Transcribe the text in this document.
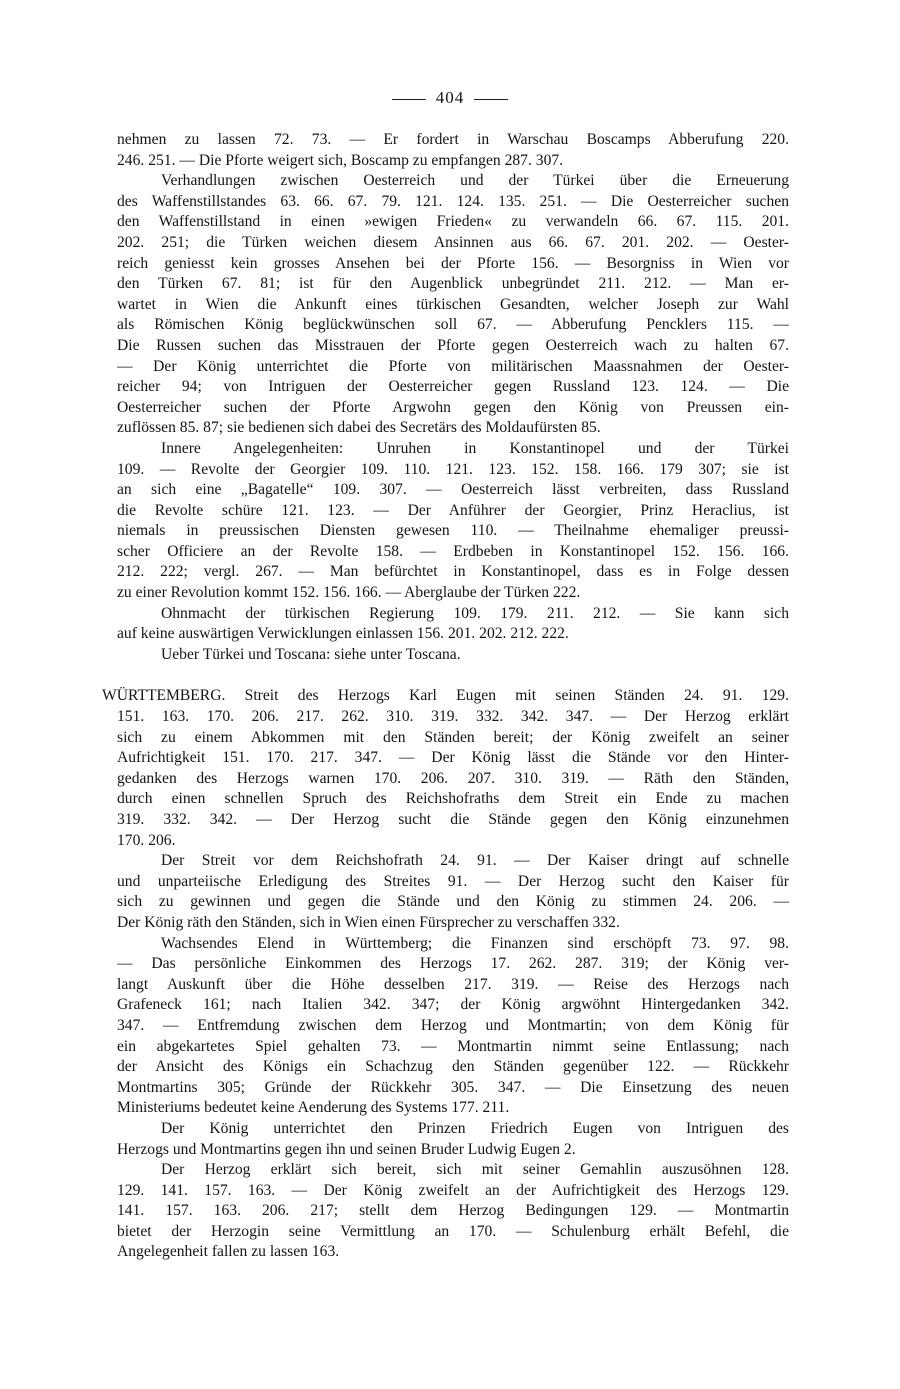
404
nehmen zu lassen 72. 73. — Er fordert in Warschau Boscamps Abberufung 220.
246. 251. — Die Pforte weigert sich, Boscamp zu empfangen 287. 307.
Verhandlungen zwischen Oesterreich und der Türkei über die Erneuerung
des Waffenstillstandes 63. 66. 67. 79. 121. 124. 135. 251. — Die Oesterreicher suchen
den Waffenstillstand in einen »ewigen Frieden« zu verwandeln 66. 67. 115. 201.
202. 251; die Türken weichen diesem Ansinnen aus 66. 67. 201. 202. — Oester-
reich geniesst kein grosses Ansehen bei der Pforte 156. — Besorgniss in Wien vor
den Türken 67. 81; ist für den Augenblick unbegründet 211. 212. — Man er-
wartet in Wien die Ankunft eines türkischen Gesandten, welcher Joseph zur Wahl
als Römischen König beglückwünschen soll 67. — Abberufung Pencklers 115. —
Die Russen suchen das Misstrauen der Pforte gegen Oesterreich wach zu halten 67.
— Der König unterrichtet die Pforte von militärischen Maassnahmen der Oester-
reicher 94; von Intriguen der Oesterreicher gegen Russland 123. 124. — Die
Oesterreicher suchen der Pforte Argwohn gegen den König von Preussen ein-
zuflössen 85. 87; sie bedienen sich dabei des Secretärs des Moldaufürsten 85.
Innere Angelegenheiten: Unruhen in Konstantinopel und der Türkei
109. — Revolte der Georgier 109. 110. 121. 123. 152. 158. 166. 179 307; sie ist
an sich eine „Bagatelle“ 109. 307. — Oesterreich lässt verbreiten, dass Russland
die Revolte schüre 121. 123. — Der Anführer der Georgier, Prinz Heraclius, ist
niemals in preussischen Diensten gewesen 110. — Theilnahme ehemaliger preussi-
scher Officiere an der Revolte 158. — Erdbeben in Konstantinopel 152. 156. 166.
212. 222; vergl. 267. — Man befürchtet in Konstantinopel, dass es in Folge dessen
zu einer Revolution kommt 152. 156. 166. — Aberglaube der Türken 222.
Ohnmacht der türkischen Regierung 109. 179. 211. 212. — Sie kann sich
auf keine auswärtigen Verwicklungen einlassen 156. 201. 202. 212. 222.
Ueber Türkei und Toscana: siehe unter Toscana.
WÜRTTEMBERG. Streit des Herzogs Karl Eugen mit seinen Ständen 24. 91. 129.
151. 163. 170. 206. 217. 262. 310. 319. 332. 342. 347. — Der Herzog erklärt
sich zu einem Abkommen mit den Ständen bereit; der König zweifelt an seiner
Aufrichtigkeit 151. 170. 217. 347. — Der König lässt die Stände vor den Hinter-
gedanken des Herzogs warnen 170. 206. 207. 310. 319. — Räth den Ständen,
durch einen schnellen Spruch des Reichshofraths dem Streit ein Ende zu machen
319. 332. 342. — Der Herzog sucht die Stände gegen den König einzunehmen
170. 206.
Der Streit vor dem Reichshofrath 24. 91. — Der Kaiser dringt auf schnelle
und unparteiische Erledigung des Streites 91. — Der Herzog sucht den Kaiser für
sich zu gewinnen und gegen die Stände und den König zu stimmen 24. 206. —
Der König räth den Ständen, sich in Wien einen Fürsprecher zu verschaffen 332.
Wachsendes Elend in Württemberg; die Finanzen sind erschöpft 73. 97. 98.
— Das persönliche Einkommen des Herzogs 17. 262. 287. 319; der König ver-
langt Auskunft über die Höhe desselben 217. 319. — Reise des Herzogs nach
Grafeneck 161; nach Italien 342. 347; der König argwöhnt Hintergedanken 342.
347. — Entfremdung zwischen dem Herzog und Montmartin; von dem König für
ein abgekartetes Spiel gehalten 73. — Montmartin nimmt seine Entlassung; nach
der Ansicht des Königs ein Schachzug den Ständen gegenüber 122. — Rückkehr
Montmartins 305; Gründe der Rückkehr 305. 347. — Die Einsetzung des neuen
Ministeriums bedeutet keine Aenderung des Systems 177. 211.
Der König unterrichtet den Prinzen Friedrich Eugen von Intriguen des
Herzogs und Montmartins gegen ihn und seinen Bruder Ludwig Eugen 2.
Der Herzog erklärt sich bereit, sich mit seiner Gemahlin auszusöhnen 128.
129. 141. 157. 163. — Der König zweifelt an der Aufrichtigkeit des Herzogs 129.
141. 157. 163. 206. 217; stellt dem Herzog Bedingungen 129. — Montmartin
bietet der Herzogin seine Vermittlung an 170. — Schulenburg erhält Befehl, die
Angelegenheit fallen zu lassen 163.
